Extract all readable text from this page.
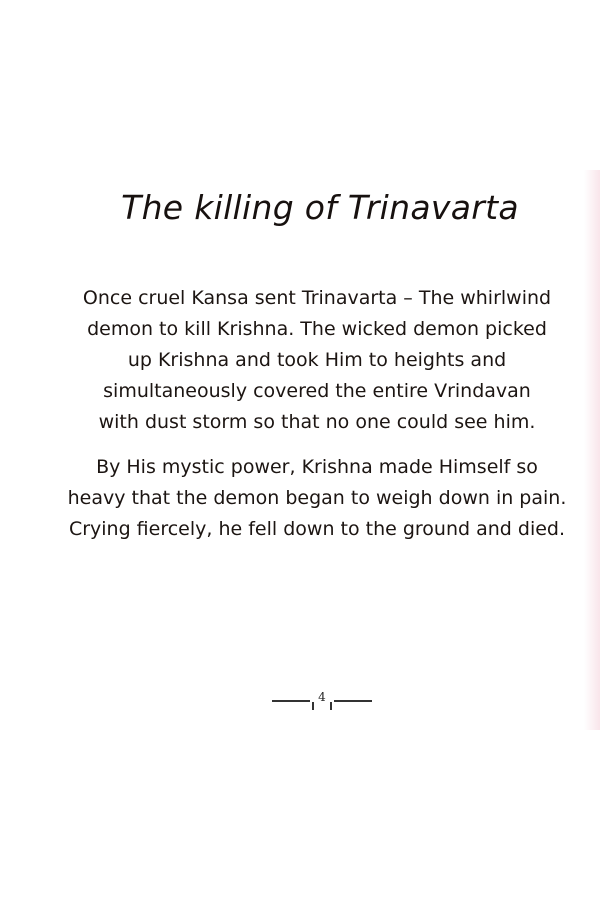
The killing of Trinavarta

Once cruel Kansa sent Trinavarta – The whirlwind
demon to kill Krishna. The wicked demon picked
up Krishna and took Him to heights and
simultaneously covered the entire Vrindavan
with dust storm so that no one could see him.

By His mystic power, Krishna made Himself so
heavy that the demon began to weigh down in pain.
Crying fiercely, he fell down to the ground and died.

4
